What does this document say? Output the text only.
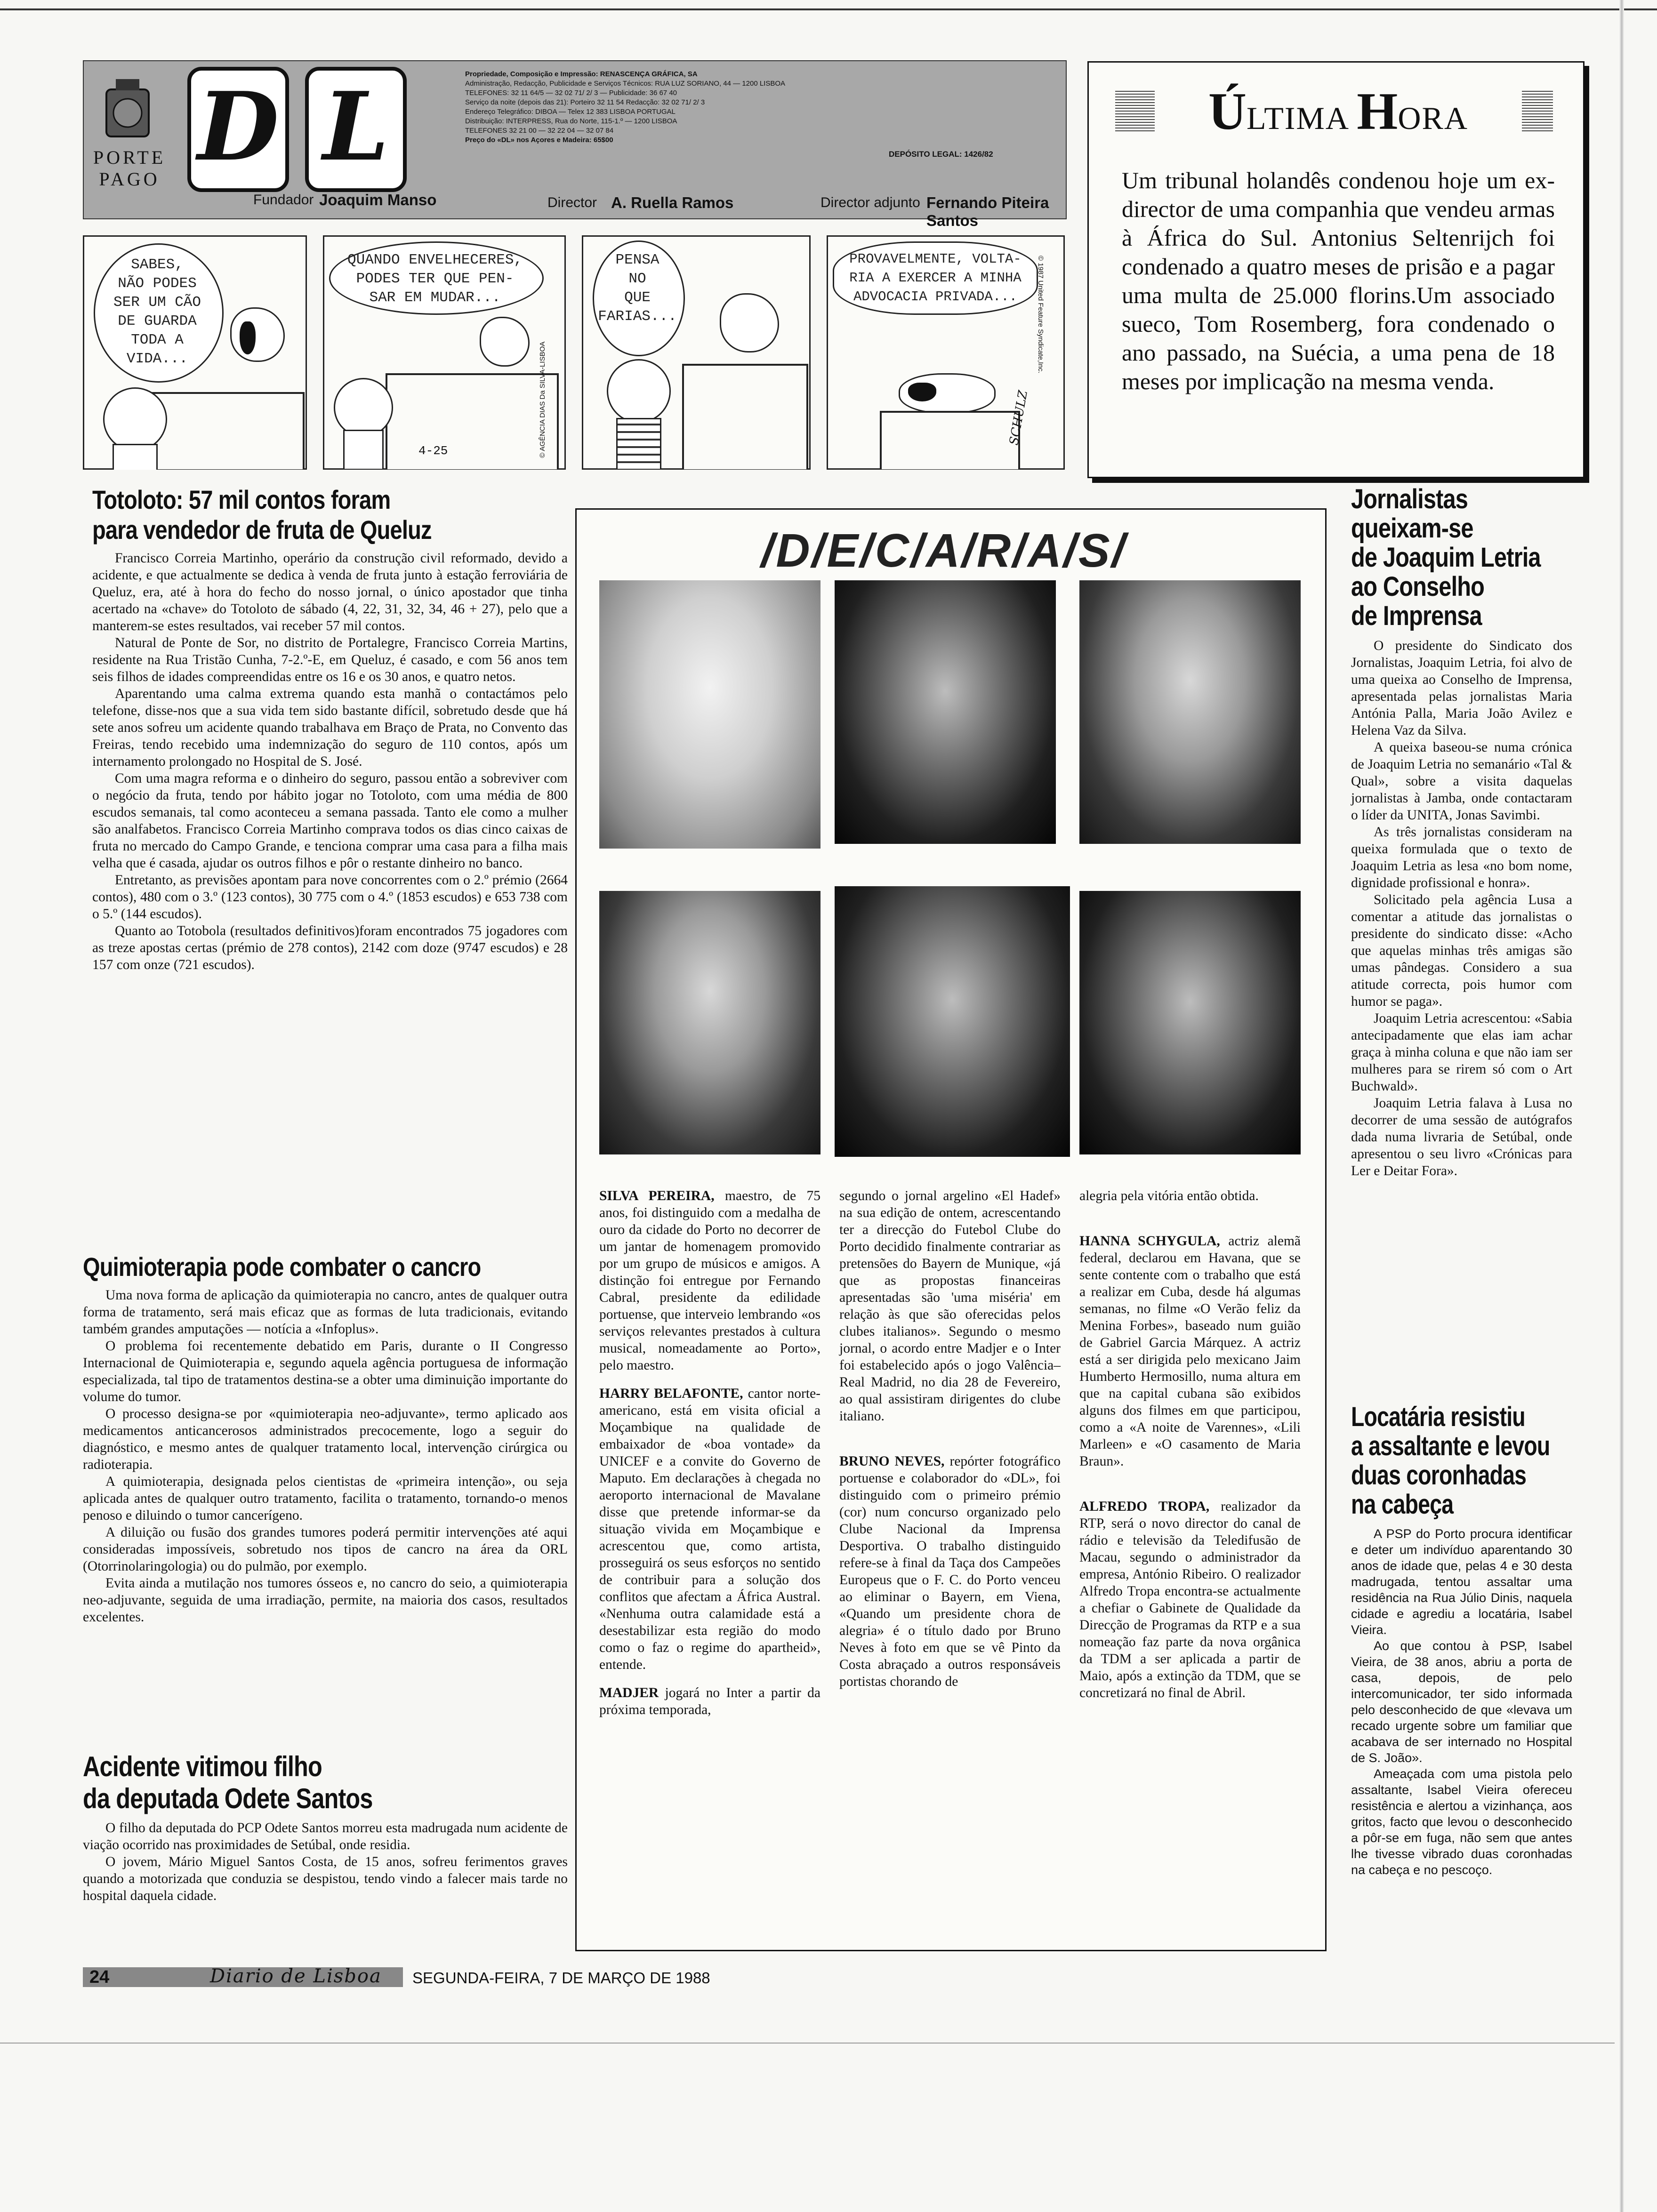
PORTE
PAGO D L	Propriedade, Composição e Impressão: RENASCENÇA GRÁFICA, SA
Administração, Redacção, Publicidade e Serviços Técnicos: RUA LUZ SORIANO, 44 — 1200 LISBOA
TELEFONES: 32 11 64/5 — 32 02 71/ 2/ 3 — Publicidade: 36 67 40
Serviço da noite (depois das 21): Porteiro 32 11 54 Redacção: 32 02 71/ 2/ 3
Endereço Telegráfico: DIBOA — Telex 12 383 LISBOA PORTUGAL
Distribuição: INTERPRESS, Rua do Norte, 115-1.º — 1200 LISBOA
TELEFONES 32 21 00 — 32 22 04 — 32 07 84
Preço do «DL» nos Açores e Madeira: 65$00
DEPÓSITO LEGAL: 1426/82
Fundador Joaquim Manso	Director A. Ruella Ramos	Director adjunto Fernando Piteira Santos
SABES,
NÃO PODES
SER UM CÃO
DE GUARDA
TODA A
VIDA...
QUANDO ENVELHECERES,
PODES TER QUE PEN-
SAR EM MUDAR...
4-25	© AGÊNCIA DIAS Da SILVA-LISBOA
PENSA
NO
QUE
FARIAS...
PROVAVELMENTE, VOLTA-
RIA A EXERCER A MINHA
ADVOCACIA PRIVADA...
SCHULZ
© 1987 United Feature Syndicate,Inc.
ÚLTIMA HORA
Um tribunal holandês condenou hoje um ex-director de uma companhia que vendeu armas à África do Sul. Antonius Seltenrijch foi condenado a quatro meses de prisão e a pagar uma multa de 25.000 florins.Um associado sueco, Tom Rosemberg, fora condenado o ano passado, na Suécia, a uma pena de 18 meses por implicação na mesma venda.
Totoloto: 57 mil contos foram
para vendedor de fruta de Queluz

Francisco Correia Martinho, operário da construção civil reformado, devido a acidente, e que actualmente se dedica à venda de fruta junto à estação ferroviária de Queluz, era, até à hora do fecho do nosso jornal, o único apostador que tinha acertado na «chave» do Totoloto de sábado (4, 22, 31, 32, 34, 46 + 27), pelo que a manterem-se estes resultados, vai receber 57 mil contos.

Natural de Ponte de Sor, no distrito de Portalegre, Francisco Correia Martins, residente na Rua Tristão Cunha, 7-2.º-E, em Queluz, é casado, e com 56 anos tem seis filhos de idades compreendidas entre os 16 e os 30 anos, e quatro netos.

Aparentando uma calma extrema quando esta manhã o contactámos pelo telefone, disse-nos que a sua vida tem sido bastante difícil, sobretudo desde que há sete anos sofreu um acidente quando trabalhava em Braço de Prata, no Convento das Freiras, tendo recebido uma indemnização do seguro de 110 contos, após um internamento prolongado no Hospital de S. José.

Com uma magra reforma e o dinheiro do seguro, passou então a sobreviver com o negócio da fruta, tendo por hábito jogar no Totoloto, com uma média de 800 escudos semanais, tal como aconteceu a semana passada. Tanto ele como a mulher são analfabetos. Francisco Correia Martinho comprava todos os dias cinco caixas de fruta no mercado do Campo Grande, e tenciona comprar uma casa para a filha mais velha que é casada, ajudar os outros filhos e pôr o restante dinheiro no banco.

Entretanto, as previsões apontam para nove concorrentes com o 2.º prémio (2664 contos), 480 com o 3.º (123 contos), 30 775 com o 4.º (1853 escudos) e 653 738 com o 5.º (144 escudos).

Quanto ao Totobola (resultados definitivos)foram encontrados 75 jogadores com as treze apostas certas (prémio de 278 contos), 2142 com doze (9747 escudos) e 28 157 com onze (721 escudos).

Quimioterapia pode combater o cancro

Uma nova forma de aplicação da quimioterapia no cancro, antes de qualquer outra forma de tratamento, será mais eficaz que as formas de luta tradicionais, evitando também grandes amputações — notícia a «Infoplus».

O problema foi recentemente debatido em Paris, durante o II Congresso Internacional de Quimioterapia e, segundo aquela agência portuguesa de informação especializada, tal tipo de tratamentos destina-se a obter uma diminuição importante do volume do tumor.

O processo designa-se por «quimioterapia neo-adjuvante», termo aplicado aos medicamentos anticancerosos administrados precocemente, logo a seguir do diagnóstico, e mesmo antes de qualquer tratamento local, intervenção cirúrgica ou radioterapia.

A quimioterapia, designada pelos cientistas de «primeira intenção», ou seja aplicada antes de qualquer outro tratamento, facilita o tratamento, tornando-o menos penoso e diluindo o tumor cancerígeno.

A diluição ou fusão dos grandes tumores poderá permitir intervenções até aqui consideradas impossíveis, sobretudo nos tipos de cancro na área da ORL (Otorrinolaringologia) ou do pulmão, por exemplo.

Evita ainda a mutilação nos tumores ósseos e, no cancro do seio, a quimioterapia neo-adjuvante, seguida de uma irradiação, permite, na maioria dos casos, resultados excelentes.

Acidente vitimou filho
da deputada Odete Santos

O filho da deputada do PCP Odete Santos morreu esta madrugada num acidente de viação ocorrido nas proximidades de Setúbal, onde residia.

O jovem, Mário Miguel Santos Costa, de 15 anos, sofreu ferimentos graves quando a motorizada que conduzia se despistou, tendo vindo a falecer mais tarde no hospital daquela cidade.

/D/E/C/A/R/A/S/
SILVA PEREIRA, maestro, de 75 anos, foi distinguido com a medalha de ouro da cidade do Porto no decorrer de um jantar de homenagem promovido por um grupo de músicos e amigos. A distinção foi entregue por Fernando Cabral, presidente da edilidade portuense, que interveio lembrando «os serviços relevantes prestados à cultura musical, nomeadamente ao Porto», pelo maestro.
HARRY BELAFONTE, cantor norte-americano, está em visita oficial a Moçambique na qualidade de embaixador de «boa vontade» da UNICEF e a convite do Governo de Maputo. Em declarações à chegada no aeroporto internacional de Mavalane disse que pretende informar-se da situação vivida em Moçambique e acrescentou que, como artista, prosseguirá os seus esforços no sentido de contribuir para a solução dos conflitos que afectam a África Austral. «Nenhuma outra calamidade está a desestabilizar esta região do modo como o faz o regime do apartheid», entende.
MADJER jogará no Inter a partir da próxima temporada,
segundo o jornal argelino «El Hadef» na sua edição de ontem, acrescentando ter a direcção do Futebol Clube do Porto decidido finalmente contrariar as pretensões do Bayern de Munique, «já que as propostas financeiras apresentadas são 'uma miséria' em relação às que são oferecidas pelos clubes italianos». Segundo o mesmo jornal, o acordo entre Madjer e o Inter foi estabelecido após o jogo Valência–Real Madrid, no dia 28 de Fevereiro, ao qual assistiram dirigentes do clube italiano.
BRUNO NEVES, repórter fotográfico portuense e colaborador do «DL», foi distinguido com o primeiro prémio (cor) num concurso organizado pelo Clube Nacional da Imprensa Desportiva. O trabalho distinguido refere-se à final da Taça dos Campeões Europeus que o F. C. do Porto venceu ao eliminar o Bayern, em Viena, «Quando um presidente chora de alegria» é o título dado por Bruno Neves à foto em que se vê Pinto da Costa abraçado a outros responsáveis portistas chorando de
alegria pela vitória então obtida.
HANNA SCHYGULA, actriz alemã federal, declarou em Havana, que se sente contente com o trabalho que está a realizar em Cuba, desde há algumas semanas, no filme «O Verão feliz da Menina Forbes», baseado num guião de Gabriel Garcia Márquez. A actriz está a ser dirigida pelo mexicano Jaim Humberto Hermosillo, numa altura em que na capital cubana são exibidos alguns dos filmes em que participou, como a «A noite de Varennes», «Lili Marleen» e «O casamento de Maria Braun».
ALFREDO TROPA, realizador da RTP, será o novo director do canal de rádio e televisão da Teledifusão de Macau, segundo o administrador da empresa, António Ribeiro. O realizador Alfredo Tropa encontra-se actualmente a chefiar o Gabinete de Qualidade da Direcção de Programas da RTP e a sua nomeação faz parte da nova orgânica da TDM a ser aplicada a partir de Maio, após a extinção da TDM, que se concretizará no final de Abril.
Jornalistas
queixam-se
de Joaquim Letria
ao Conselho
de Imprensa

O presidente do Sindicato dos Jornalistas, Joaquim Letria, foi alvo de uma queixa ao Conselho de Imprensa, apresentada pelas jornalistas Maria Antónia Palla, Maria João Avilez e Helena Vaz da Silva.

A queixa baseou-se numa crónica de Joaquim Letria no semanário «Tal & Qual», sobre a visita daquelas jornalistas à Jamba, onde contactaram o líder da UNITA, Jonas Savimbi.

As três jornalistas consideram na queixa formulada que o texto de Joaquim Letria as lesa «no bom nome, dignidade profissional e honra».

Solicitado pela agência Lusa a comentar a atitude das jornalistas o presidente do sindicato disse: «Acho que aquelas minhas três amigas são umas pândegas. Considero a sua atitude correcta, pois humor com humor se paga».

Joaquim Letria acrescentou: «Sabia antecipadamente que elas iam achar graça à minha coluna e que não iam ser mulheres para se rirem só com o Art Buchwald».

Joaquim Letria falava à Lusa no decorrer de uma sessão de autógrafos dada numa livraria de Setúbal, onde apresentou o seu livro «Crónicas para Ler e Deitar Fora».

Locatária resistiu
a assaltante e levou
duas coronhadas
na cabeça

A PSP do Porto procura identificar e deter um indivíduo aparentando 30 anos de idade que, pelas 4 e 30 desta madrugada, tentou assaltar uma residência na Rua Júlio Dinis, naquela cidade e agrediu a locatária, Isabel Vieira.

Ao que contou à PSP, Isabel Vieira, de 38 anos, abriu a porta de casa, depois, de pelo intercomunicador, ter sido informada pelo desconhecido de que «levava um recado urgente sobre um familiar que acabava de ser internado no Hospital de S. João».

Ameaçada com uma pistola pelo assaltante, Isabel Vieira ofereceu resistência e alertou a vizinhança, aos gritos, facto que levou o desconhecido a pôr-se em fuga, não sem que antes lhe tivesse vibrado duas coronhadas na cabeça e no pescoço.

24	Diario de Lisboa SEGUNDA-FEIRA, 7 DE MARÇO DE 1988
